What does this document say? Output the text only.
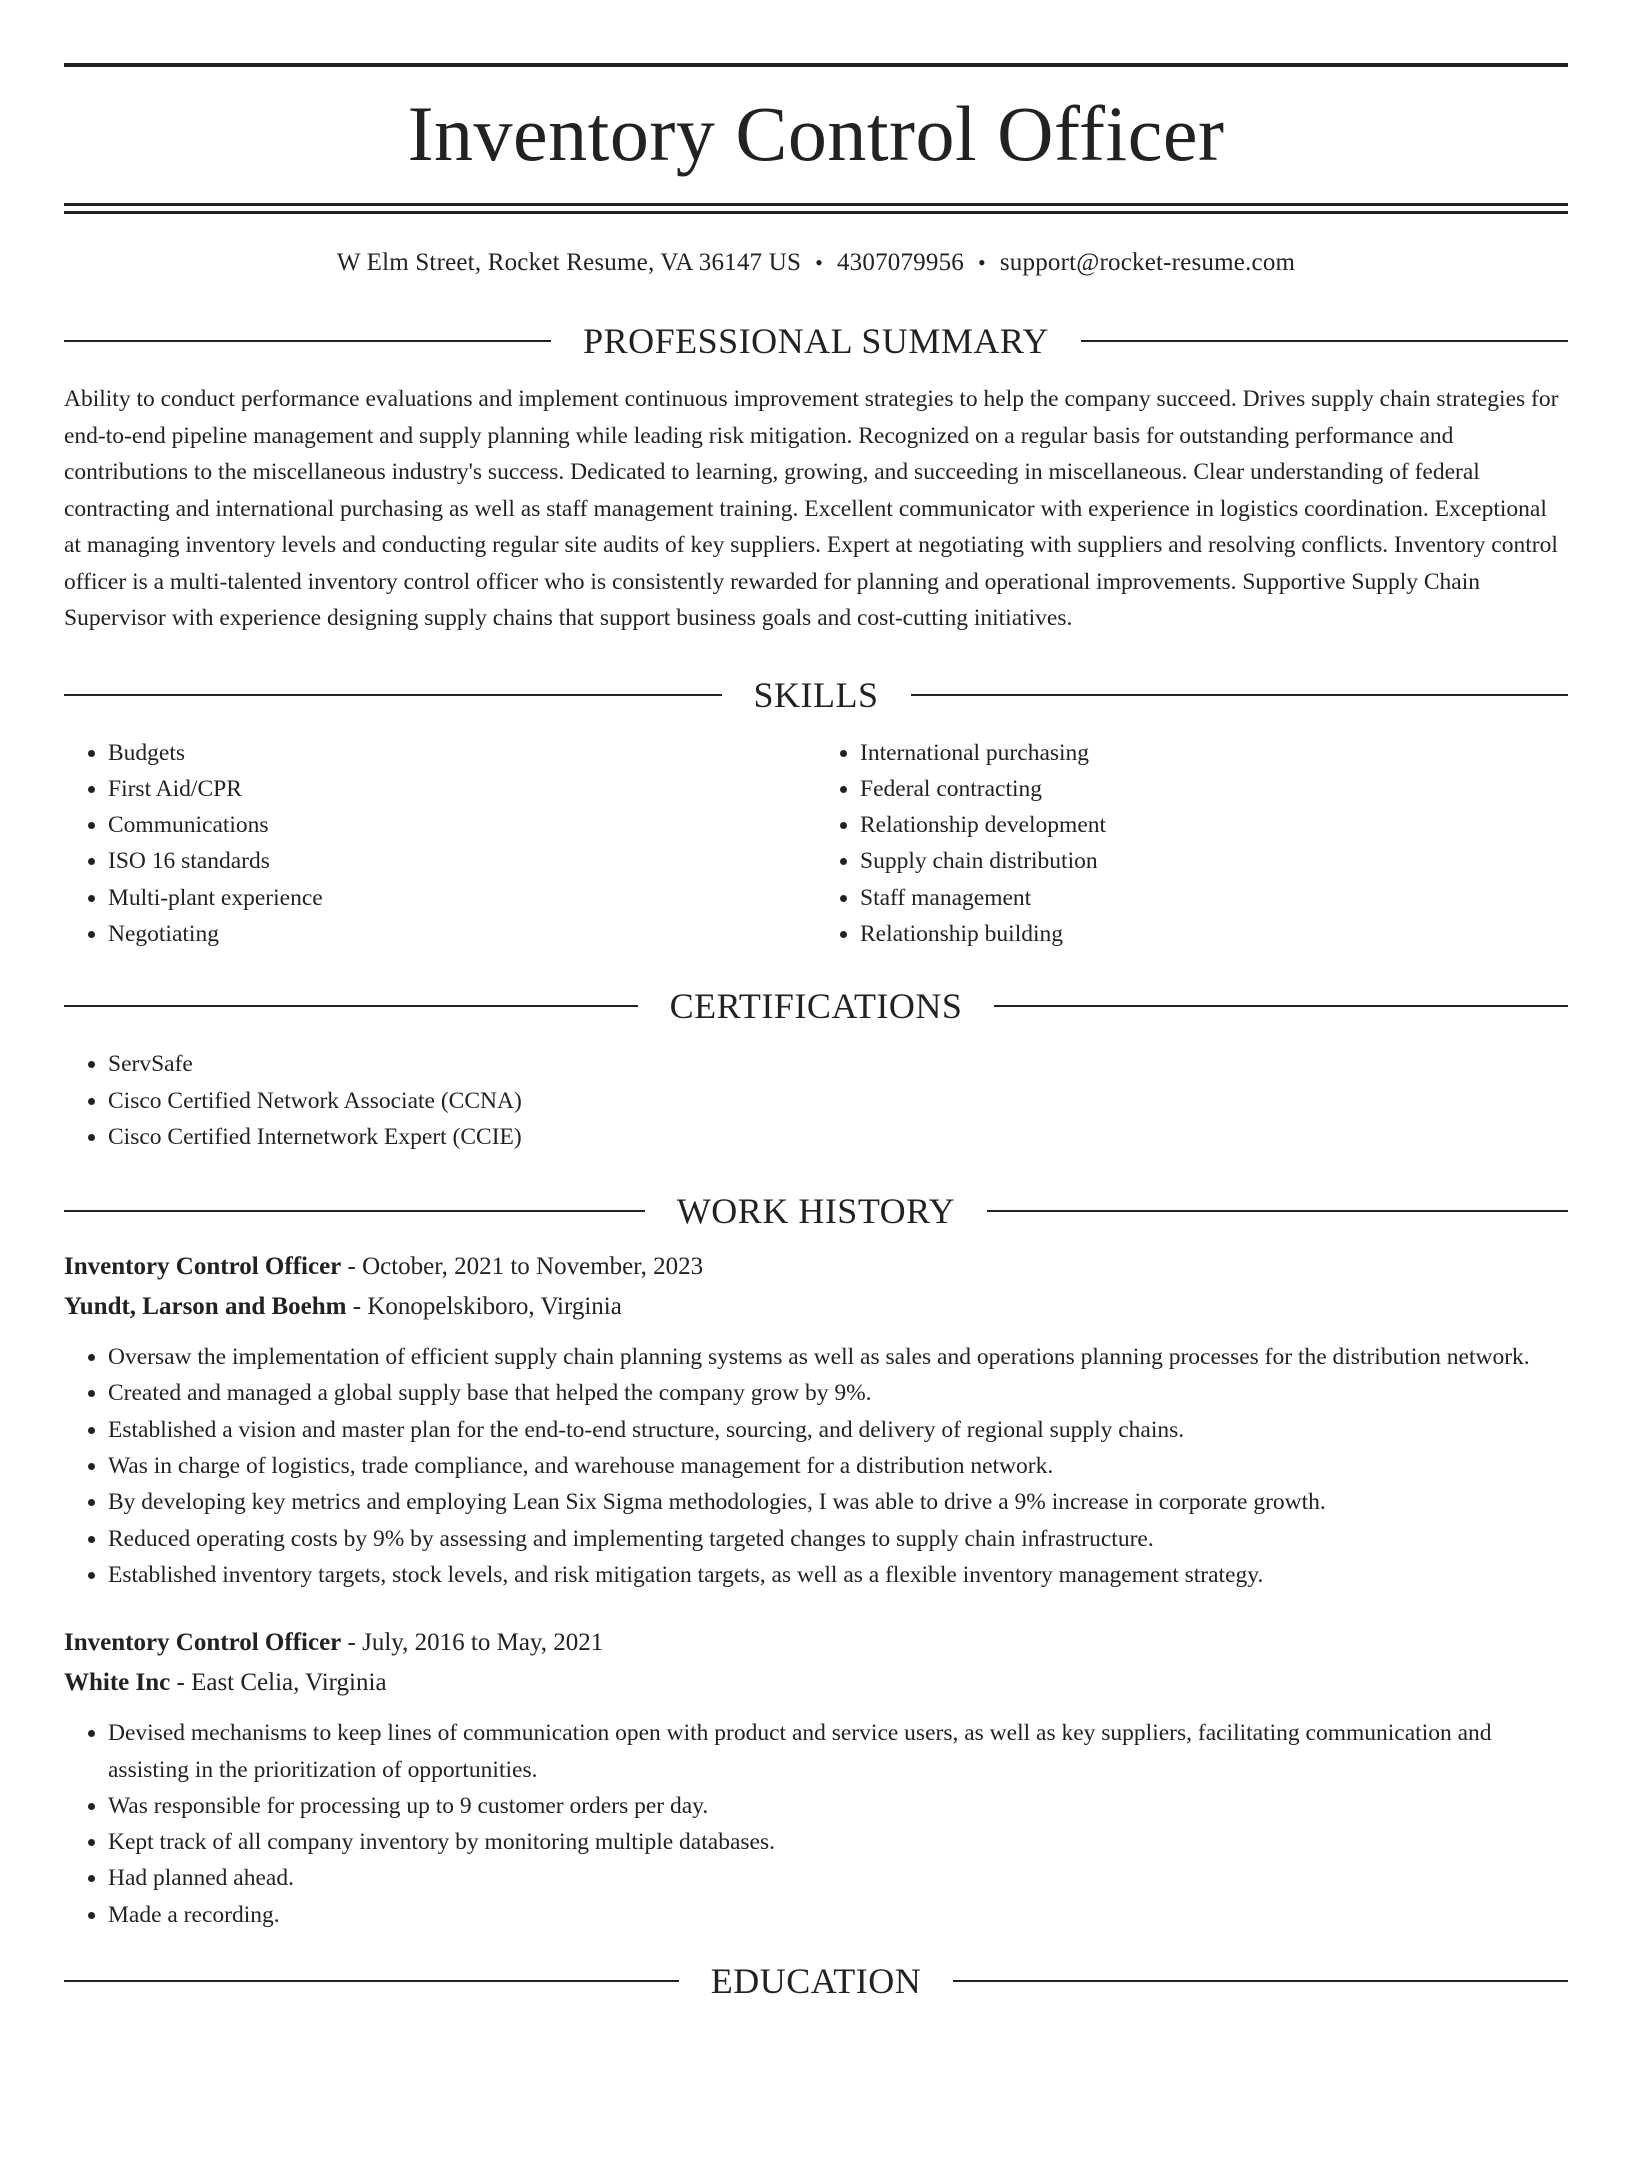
Inventory Control Officer
W Elm Street, Rocket Resume, VA 36147 US • 4307079956 • support@rocket-resume.com
PROFESSIONAL SUMMARY

Ability to conduct performance evaluations and implement continuous improvement strategies to help the company succeed. Drives supply chain strategies for end-to-end pipeline management and supply planning while leading risk mitigation. Recognized on a regular basis for outstanding performance and contributions to the miscellaneous industry's success. Dedicated to learning, growing, and succeeding in miscellaneous. Clear understanding of federal contracting and international purchasing as well as staff management training. Excellent communicator with experience in logistics coordination. Exceptional at managing inventory levels and conducting regular site audits of key suppliers. Expert at negotiating with suppliers and resolving conflicts. Inventory control officer is a multi-talented inventory control officer who is consistently rewarded for planning and operational improvements. Supportive Supply Chain Supervisor with experience designing supply chains that support business goals and cost-cutting initiatives.

SKILLS
• Budgets
• First Aid/CPR
• Communications
• ISO 16 standards
• Multi-plant experience
• Negotiating
• International purchasing
• Federal contracting
• Relationship development
• Supply chain distribution
• Staff management
• Relationship building
CERTIFICATIONS
• ServSafe
• Cisco Certified Network Associate (CCNA)
• Cisco Certified Internetwork Expert (CCIE)
WORK HISTORY
Inventory Control Officer - October, 2021 to November, 2023
Yundt, Larson and Boehm - Konopelskiboro, Virginia
• Oversaw the implementation of efficient supply chain planning systems as well as sales and operations planning processes for the distribution network.
• Created and managed a global supply base that helped the company grow by 9%.
• Established a vision and master plan for the end-to-end structure, sourcing, and delivery of regional supply chains.
• Was in charge of logistics, trade compliance, and warehouse management for a distribution network.
• By developing key metrics and employing Lean Six Sigma methodologies, I was able to drive a 9% increase in corporate growth.
• Reduced operating costs by 9% by assessing and implementing targeted changes to supply chain infrastructure.
• Established inventory targets, stock levels, and risk mitigation targets, as well as a flexible inventory management strategy.
Inventory Control Officer - July, 2016 to May, 2021
White Inc - East Celia, Virginia
• Devised mechanisms to keep lines of communication open with product and service users, as well as key suppliers, facilitating communication and assisting in the prioritization of opportunities.
• Was responsible for processing up to 9 customer orders per day.
• Kept track of all company inventory by monitoring multiple databases.
• Had planned ahead.
• Made a recording.
EDUCATION
